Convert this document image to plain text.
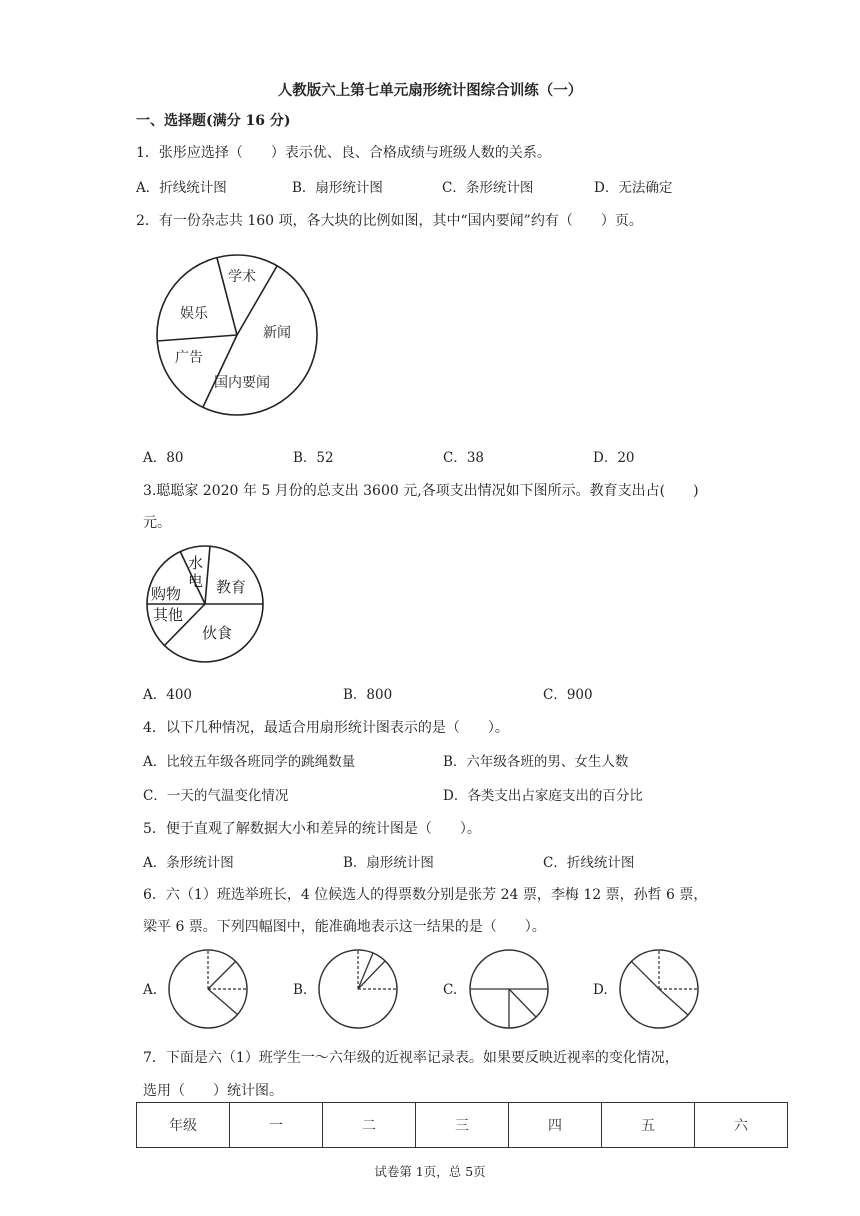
人教版六上第七单元扇形统计图综合训练（一）
一、选择题(满分 16 分)
1．张彤应选择（　　）表示优、良、合格成绩与班级人数的关系。
A．折线统计图	B．扇形统计图	C．条形统计图	D．无法确定
2．有一份杂志共 160 项，各大块的比例如图，其中“国内要闻”约有（　　）页。
学术
新闻
国内要闻
广告
娱乐
A．80	B．52	C．38	D．20
3.聪聪家 2020 年 5 月份的总支出 3600 元,各项支出情况如下图所示。教育支出占(　　)
元。
水
电 教育
伙食
其他
购物
A．400	B．800	C．900
4．以下几种情况，最适合用扇形统计图表示的是（　　）。
A．比较五年级各班同学的跳绳数量	B．六年级各班的男、女生人数
C．一天的气温变化情况	D．各类支出占家庭支出的百分比
5．便于直观了解数据大小和差异的统计图是（　　）。
A．条形统计图	B．扇形统计图	C．折线统计图
6．六（1）班选举班长，4 位候选人的得票数分别是张芳 24 票，李梅 12 票，孙哲 6 票，
梁平 6 票。下列四幅图中，能准确地表示这一结果的是（　　）。
A.	B.	C.	D.
7．下面是六（1）班学生一～六年级的近视率记录表。如果要反映近视率的变化情况，
选用（　　）统计图。
年级	一	二	三	四	五	六
试卷第 1页，总 5页
